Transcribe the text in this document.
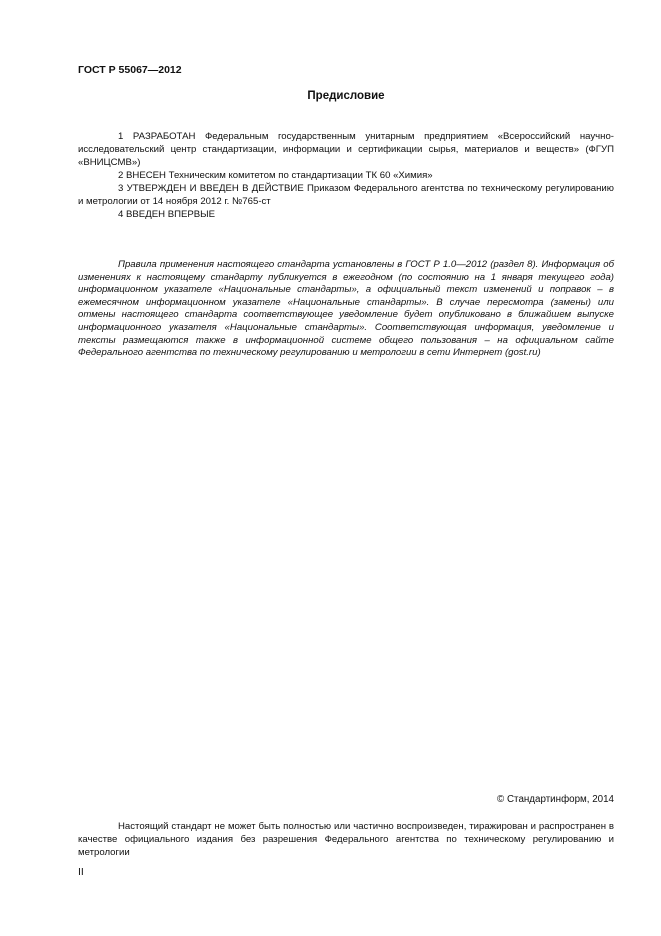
ГОСТ Р 55067—2012
Предисловие

1 РАЗРАБОТАН Федеральным государственным унитарным предприятием «Всероссийский научно-исследовательский центр стандартизации, информации и сертификации сырья, материалов и веществ» (ФГУП «ВНИЦСМВ»)

2 ВНЕСЕН Техническим комитетом по стандартизации ТК 60 «Химия»

3 УТВЕРЖДЕН И ВВЕДЕН В ДЕЙСТВИЕ Приказом Федерального агентства по техническому регулированию и метрологии от 14 ноября 2012 г. №765-ст

4 ВВЕДЕН ВПЕРВЫЕ

Правила применения настоящего стандарта установлены в ГОСТ Р 1.0—2012 (раздел 8). Информация об изменениях к настоящему стандарту публикуется в ежегодном (по состоянию на 1 января текущего года) информационном указателе «Национальные стандарты», а официальный текст изменений и поправок – в ежемесячном информационном указателе «Национальные стандарты». В случае пересмотра (замены) или отмены настоящего стандарта соответствующее уведомление будет опубликовано в ближайшем выпуске информационного указателя «Национальные стандарты». Соответствующая информация, уведомление и тексты размещаются также в информационной системе общего пользования – на официальном сайте Федерального агентства по техническому регулированию и метрологии в сети Интернет (gost.ru)

© Стандартинформ, 2014

Настоящий стандарт не может быть полностью или частично воспроизведен, тиражирован и распространен в качестве официального издания без разрешения Федерального агентства по техническому регулированию и метрологии

II
